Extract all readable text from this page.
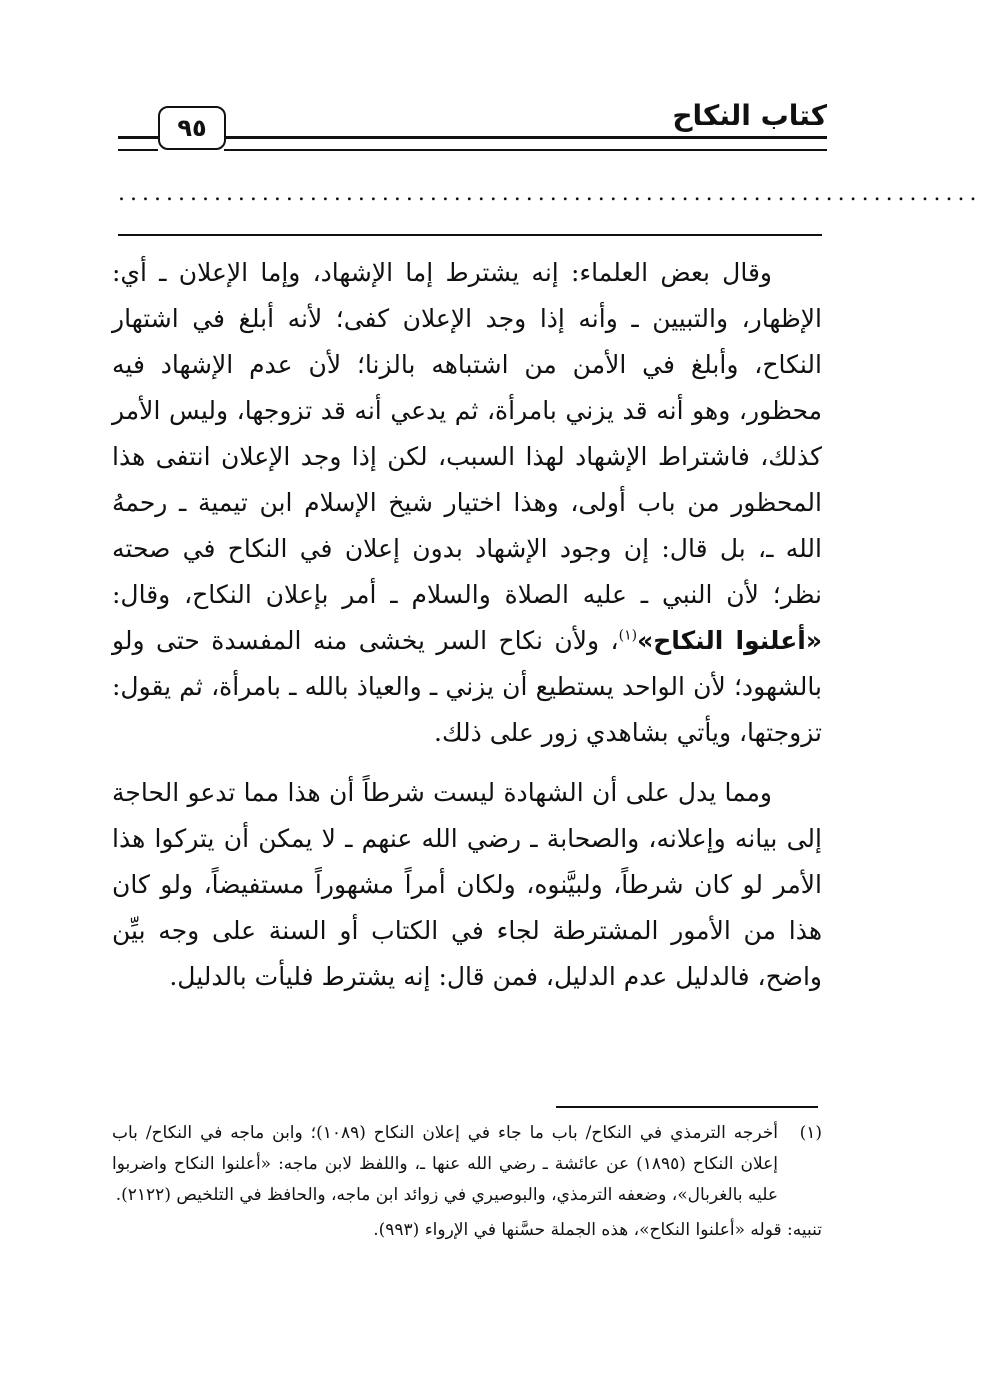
كتاب النكاح
٩٥
........................................................................

وقال بعض العلماء: إنه يشترط إما الإشهاد، وإما الإعلان ـ أي: الإظهار، والتبيين ـ وأنه إذا وجد الإعلان كفى؛ لأنه أبلغ في اشتهار النكاح، وأبلغ في الأمن من اشتباهه بالزنا؛ لأن عدم الإشهاد فيه محظور، وهو أنه قد يزني بامرأة، ثم يدعي أنه قد تزوجها، وليس الأمر كذلك، فاشتراط الإشهاد لهذا السبب، لكن إذا وجد الإعلان انتفى هذا المحظور من باب أولى، وهذا اختيار شيخ الإسلام ابن تيمية ـ رحمهُ الله ـ، بل قال: إن وجود الإشهاد بدون إعلان في النكاح في صحته نظر؛ لأن النبي ـ عليه الصلاة والسلام ـ أمر بإعلان النكاح، وقال: «أعلنوا النكاح»$^{(١)}$، ولأن نكاح السر يخشى منه المفسدة حتى ولو بالشهود؛ لأن الواحد يستطيع أن يزني ـ والعياذ بالله ـ بامرأة، ثم يقول: تزوجتها، ويأتي بشاهدي زور على ذلك.

ومما يدل على أن الشهادة ليست شرطاً أن هذا مما تدعو الحاجة إلى بيانه وإعلانه، والصحابة ـ رضي الله عنهم ـ لا يمكن أن يتركوا هذا الأمر لو كان شرطاً، ولبيَّنوه، ولكان أمراً مشهوراً مستفيضاً، ولو كان هذا من الأمور المشترطة لجاء في الكتاب أو السنة على وجه بيِّن واضح، فالدليل عدم الدليل، فمن قال: إنه يشترط فليأت بالدليل.

(١)
أخرجه الترمذي في النكاح/ باب ما جاء في إعلان النكاح (١٠٨٩)؛ وابن ماجه في النكاح/ باب إعلان النكاح (١٨٩٥) عن عائشة ـ رضي الله عنها ـ، واللفظ لابن ماجه: «أعلنوا النكاح واضربوا عليه بالغربال»، وضعفه الترمذي، والبوصيري في زوائد ابن ماجه، والحافظ في التلخيص (٢١٢٢).
تنبيه: قوله «أعلنوا النكاح»، هذه الجملة حسَّنها في الإرواء (٩٩٣).
